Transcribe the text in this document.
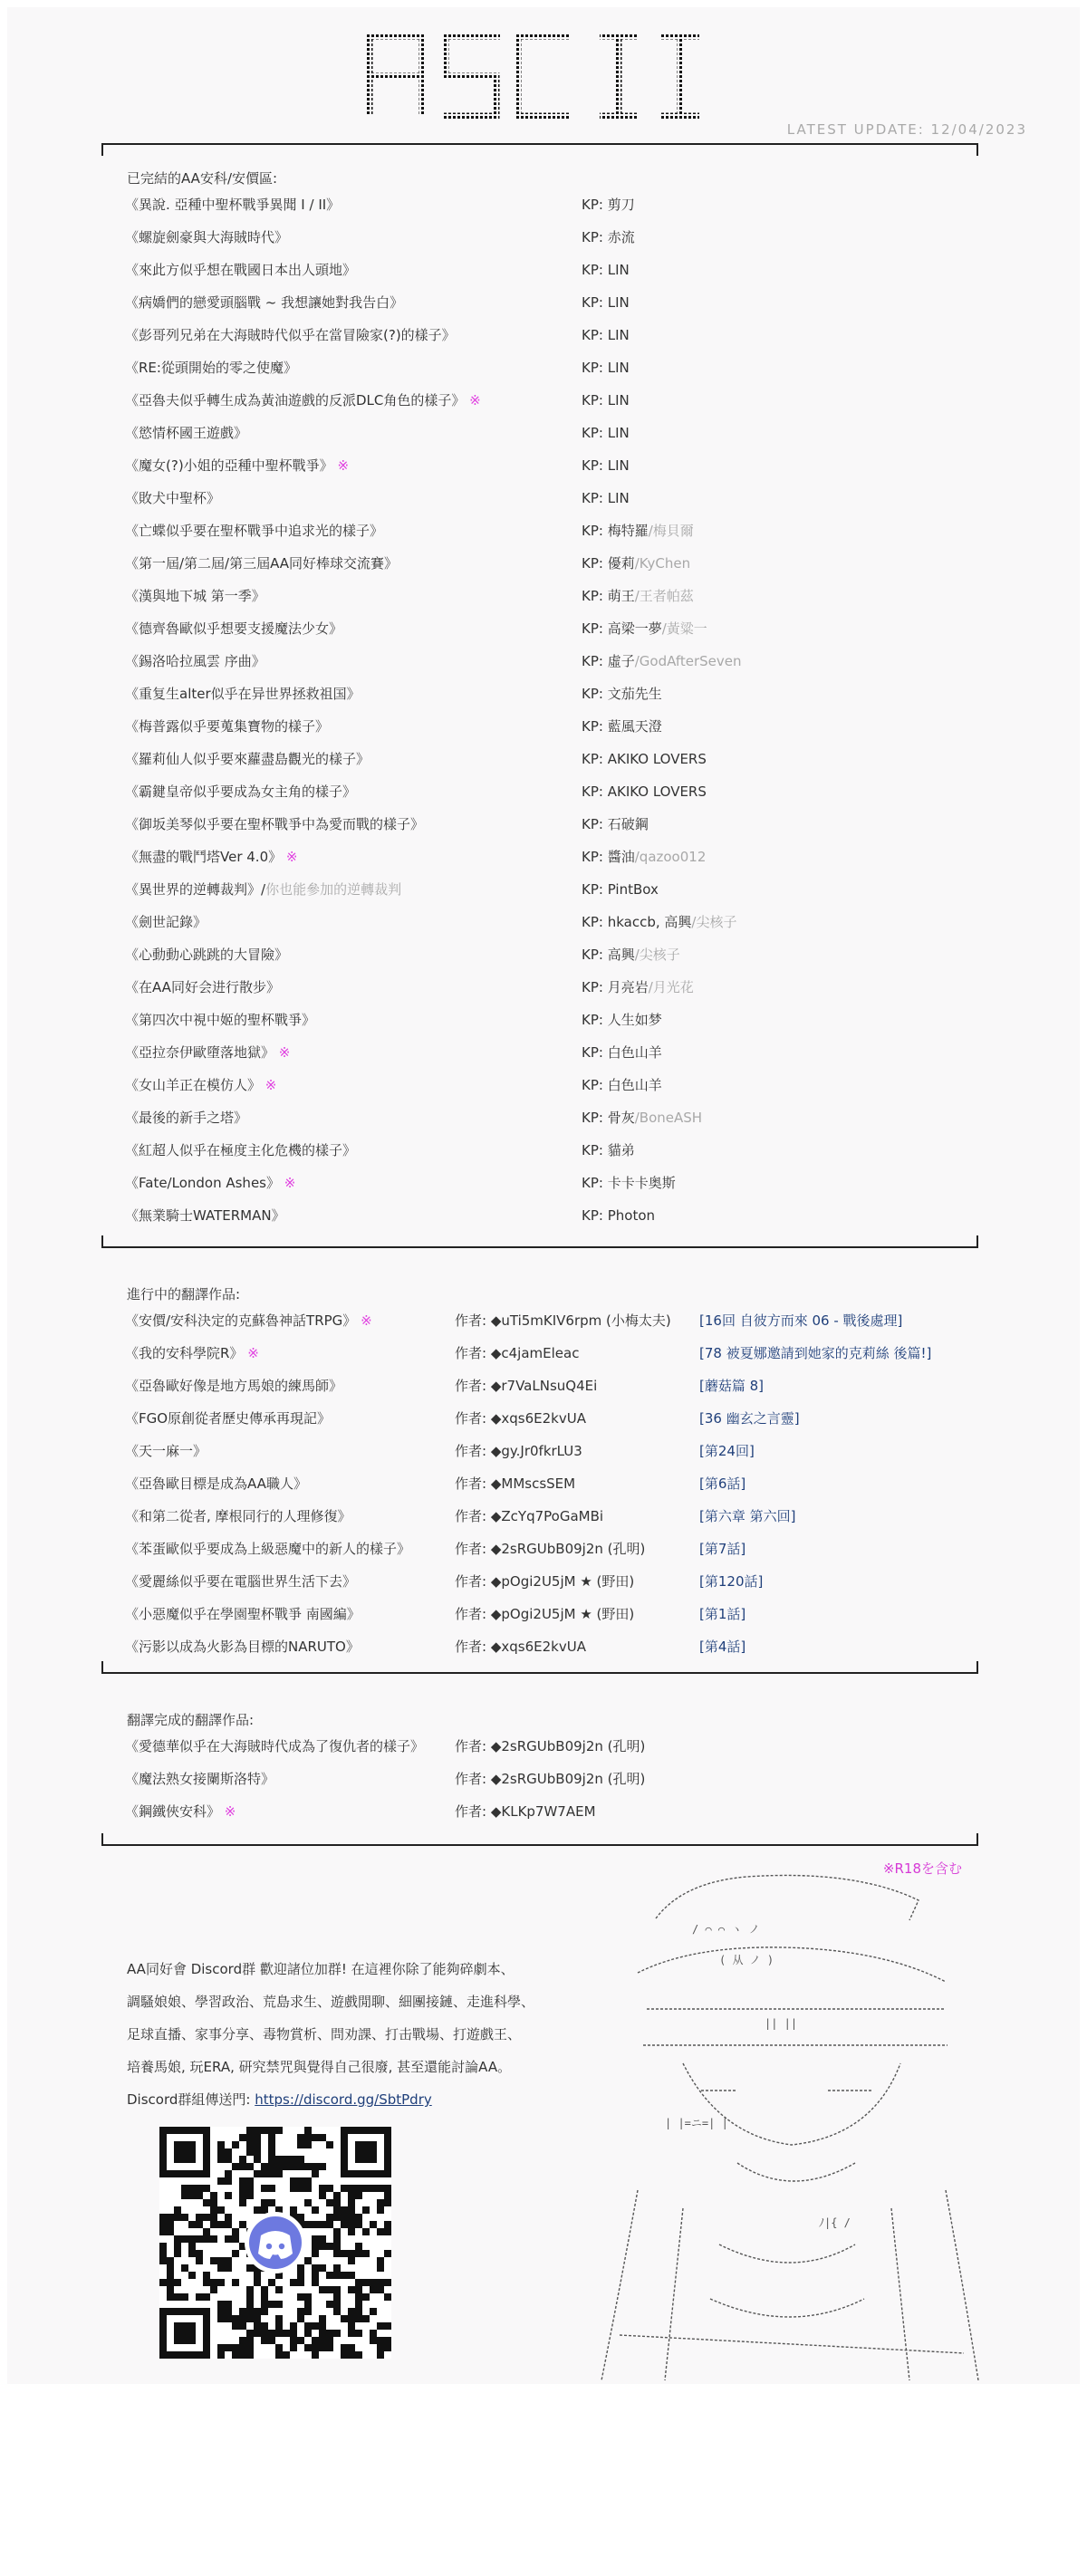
ASCII
LATEST UPDATE: 12/04/2023
已完結的AA安科/安價區:
《異說. 亞種中聖杯戰爭異聞 I / II》	KP: 剪刀
《螺旋劍豪與大海賊時代》	KP: 赤流
《來此方似乎想在戰國日本出人頭地》	KP: LIN
《病嬌們的戀愛頭腦戰 ~ 我想讓她對我告白》	KP: LIN
《彭哥列兄弟在大海賊時代似乎在當冒險家(?)的樣子》	KP: LIN
《RE:從頭開始的零之使魔》	KP: LIN
《亞魯夫似乎轉生成為黃油遊戲的反派DLC角色的樣子》 ※	KP: LIN
《慾情杯國王遊戲》	KP: LIN
《魔女(?)小姐的亞種中聖杯戰爭》 ※	KP: LIN
《敗犬中聖杯》	KP: LIN
《亡蝶似乎要在聖杯戰爭中追求光的樣子》	KP: 梅特羅/梅貝爾
《第一屆/第二屆/第三屆AA同好棒球交流賽》	KP: 優莉/KyChen
《漢與地下城 第一季》	KP: 萌王/王者帕茲
《德齊魯歐似乎想要支援魔法少女》	KP: 高梁一夢/黃粱一
《錫洛哈拉風雲 序曲》	KP: 虛子/GodAfterSeven
《重复生alter似乎在异世界拯救祖国》	KP: 文茄先生
《梅普露似乎要蒐集寶物的樣子》	KP: 藍風天澄
《羅莉仙人似乎要來蘿盡島觀光的樣子》	KP: AKIKO LOVERS
《霸鍵皇帝似乎要成為女主角的樣子》	KP: AKIKO LOVERS
《御坂美琴似乎要在聖杯戰爭中為愛而戰的樣子》	KP: 石破鋼
《無盡的戰鬥塔Ver 4.0》 ※	KP: 醬油/qazoo012
《異世界的逆轉裁判》/你也能參加的逆轉裁判	KP: PintBox
《劍世記錄》	KP: hkaccb, 高興/尖核子
《心動動心跳跳的大冒險》	KP: 高興/尖核子
《在AA同好会进行散步》	KP: 月亮岩/月光花
《第四次中視中姬的聖杯戰爭》	KP: 人生如梦
《亞拉奈伊歐墮落地獄》 ※	KP: 白色山羊
《女山羊正在模仿人》 ※	KP: 白色山羊
《最後的新手之塔》	KP: 骨灰/BoneASH
《紅超人似乎在極度主化危機的樣子》	KP: 貓弟
《Fate/London Ashes》 ※	KP: 卡卡卡奥斯
《無業騎士WATERMAN》	KP: Photon
進行中的翻譯作品:
《安價/安科決定的克蘇魯神話TRPG》 ※	作者: ◆uTi5mKIV6rpm (小梅太夫) [16回 自彼方而來 06 - 戰後處理]
《我的安科學院R》 ※	作者: ◆c4jamEleac	[78 被夏娜邀請到她家的克莉絲 後篇!]
《亞魯歐好像是地方馬娘的練馬師》	作者: ◆r7VaLNsuQ4Ei	[蘑菇篇 8]
《FGO原創從者歷史傳承再現記》	作者: ◆xqs6E2kvUA	[36 幽玄之言靈]
《天一麻一》	作者: ◆gy.Jr0fkrLU3	[第24回]
《亞魯歐目標是成為AA職人》	作者: ◆MMscsSEM	[第6話]
《和第二從者, 摩根同行的人理修復》	作者: ◆ZcYq7PoGaMBi	[第六章 第六回]
《苯蛋歐似乎要成為上級惡魔中的新人的樣子》	作者: ◆2sRGUbB09j2n (孔明)	[第7話]
《愛麗絲似乎要在電腦世界生活下去》	作者: ◆pOgi2U5jM ★ (野田)	[第120話]
《小惡魔似乎在學園聖杯戰爭 南國編》	作者: ◆pOgi2U5jM ★ (野田)	[第1話]
《污影以成為火影為目標的NARUTO》	作者: ◆xqs6E2kvUA	[第4話]
翻譯完成的翻譯作品:
《愛德華似乎在大海賊時代成為了復仇者的樣子》 作者: ◆2sRGUbB09j2n (孔明)
《魔法熟女接闌斯洛特》	作者: ◆2sRGUbB09j2n (孔明)
《鋼鐵俠安科》 ※	作者: ◆KLKp7W7AEM
※R18を含む
AA同好會 Discord群 歡迎諸位加群! 在這裡你除了能夠碎劇本、
調騷娘娘、學習政治、荒島求生、遊戲閒聊、細團接鏈、走進科學、
足球直播、家事分享、毒物賞析、問劝課、打击戰場、打遊戲王、
培養馬娘, 玩ERA, 研究禁咒與覺得自己很廢, 甚至還能討論AA。
Discord群組傳送門: https://discord.gg/SbtPdry
/ ⌒ ⌒ ヽ ノ
( 从 ノ )
|| ||
| |=ニ=| |
ﾉ|{ /
